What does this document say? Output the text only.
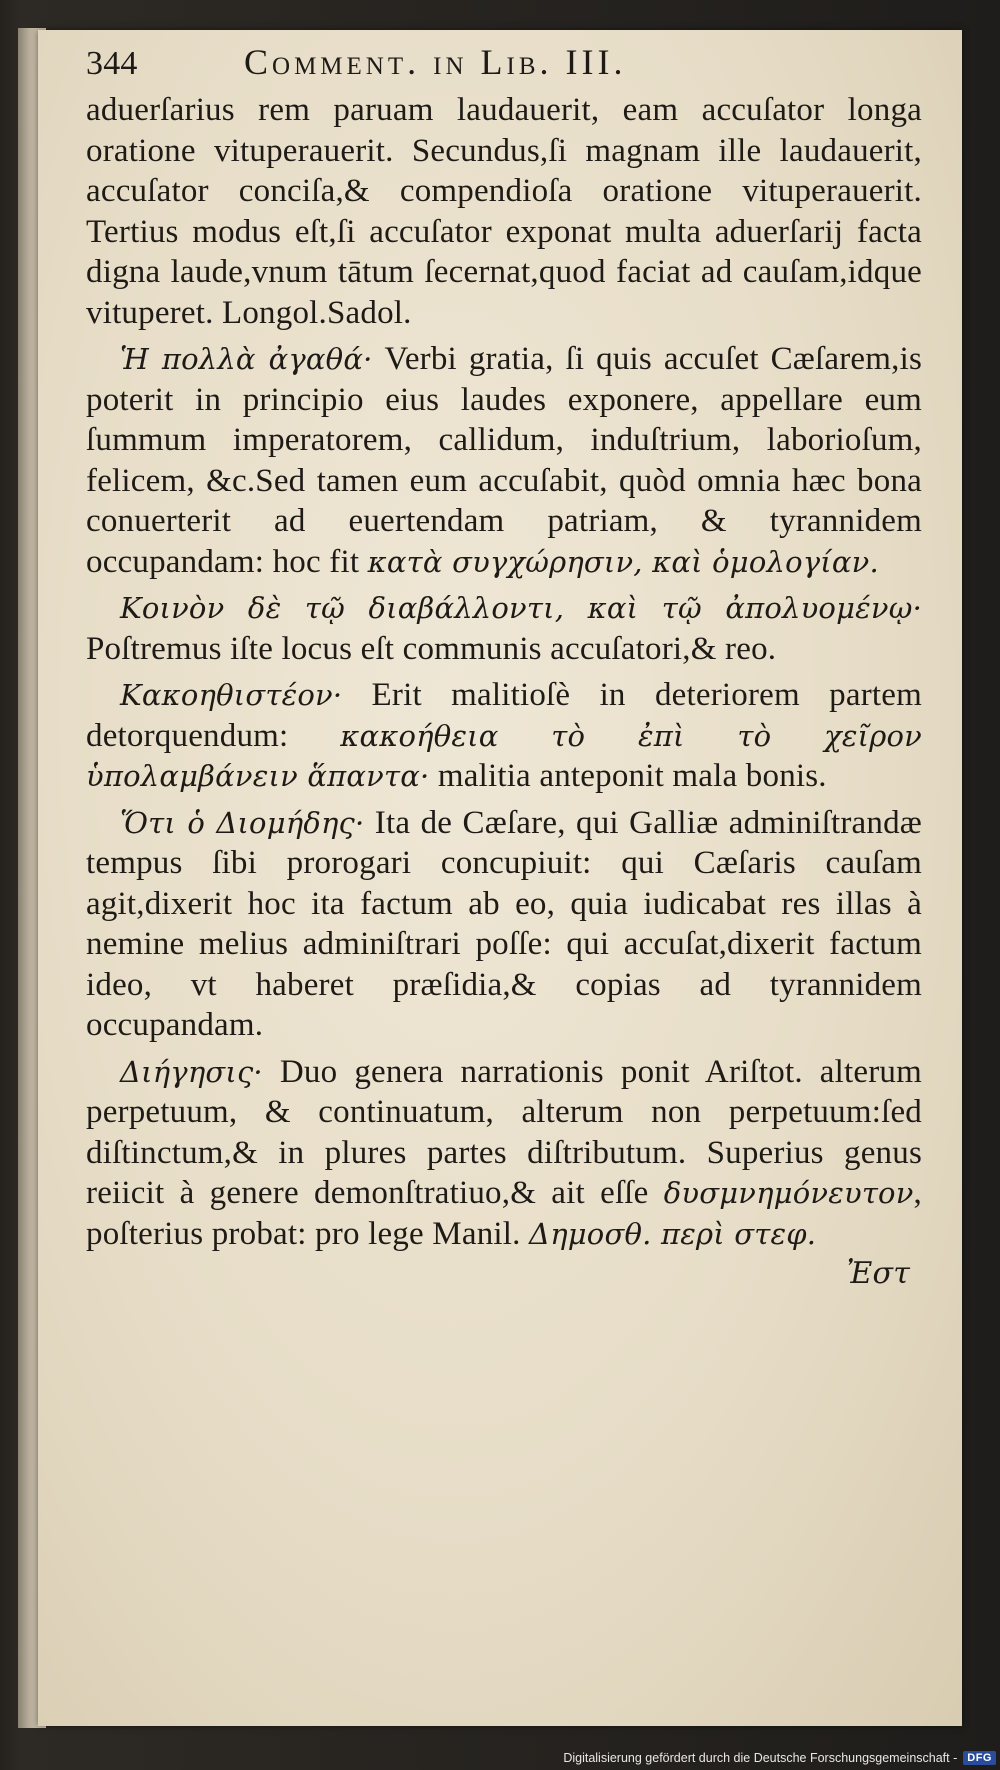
344	Comment. in Lib. III.

aduerſarius rem paruam laudauerit, eam accuſator longa oratione vituperauerit. Secundus,ſi magnam ille laudauerit, accuſator conciſa,& compendioſa oratione vituperauerit. Tertius modus eſt,ſi accuſator exponat multa aduerſarij facta digna laude,vnum tātum ſecernat,quod faciat ad cauſam,idque vituperet. Longol.Sadol.

Ἡ πολλὰ ἀγαθά· Verbi gratia, ſi quis accuſet Cæſarem,is poterit in principio eius laudes exponere, appellare eum ſummum imperatorem, callidum, induſtrium, laborioſum, felicem, &c.Sed tamen eum accuſabit, quòd omnia hæc bona conuerterit ad euertendam patriam, & tyrannidem occupandam: hoc fit κατὰ συγχώρησιν, καὶ ὁμολογίαν.

Κοινὸν δὲ τῷ διαβάλλοντι, καὶ τῷ ἀπολυομένῳ· Poſtremus iſte locus eſt communis accuſatori,& reo.

Κακοηθιστέον· Erit malitioſè in deteriorem partem detorquendum: κακοήθεια τὸ ἐπὶ τὸ χεῖρον ὑπολαμβάνειν ἅπαντα· malitia anteponit mala bonis.

Ὅτι ὁ Διομήδης· Ita de Cæſare, qui Galliæ adminiſtrandæ tempus ſibi prorogari concupiuit: qui Cæſaris cauſam agit,dixerit hoc ita factum ab eo, quia iudicabat res illas à nemine melius adminiſtrari poſſe: qui accuſat,dixerit factum ideo, vt haberet præſidia,& copias ad tyrannidem occupandam.

Διήγησις· Duo genera narrationis ponit Ariſtot. alterum perpetuum, & continuatum, alterum non perpetuum:ſed diſtinctum,& in plures partes diſtributum. Superius genus reiicit à genere demonſtratiuo,& ait eſſe δυσμνημόνευτον, poſterius probat: pro lege Manil. Δημοσθ. περὶ στεφ.

Ἐστ
Digitalisierung gefördert durch die Deutsche Forschungsgemeinschaft - DFG
